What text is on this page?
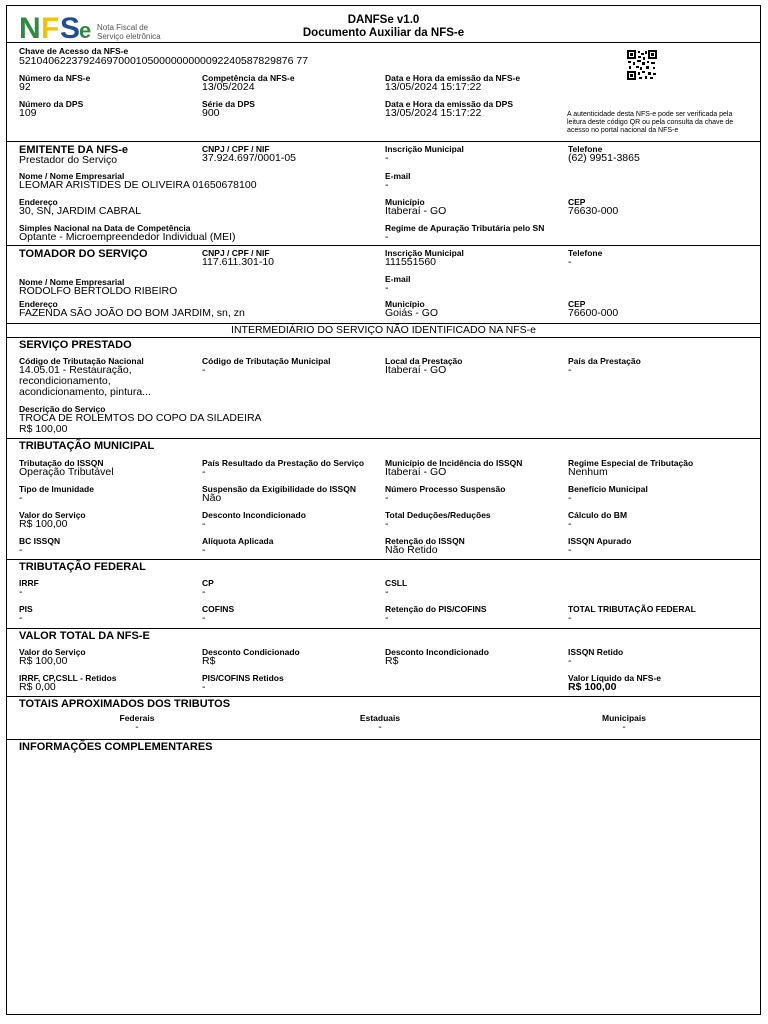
N F S
e Nota Fiscal de
Serviço eletrônica
DANFSe v1.0
Documento Auxiliar da NFS-e
Chave de Acesso da NFS-e
52104062237924697000105000000000092240587829876 77
Número da NFS-e
92
Competência da NFS-e
13/05/2024
Data e Hora da emissão da NFS-e
13/05/2024 15:17:22
Número da DPS
109
Série da DPS
900
Data e Hora da emissão da DPS
13/05/2024 15:17:22	A autenticidade desta NFS-e pode ser verificada pela leitura deste código QR ou pela consulta da chave de acesso no portal nacional da NFS-e
EMITENTE DA NFS-e
Prestador do Serviço
CNPJ / CPF / NIF
37.924.697/0001-05
Inscrição Municipal
-
Telefone
(62) 9951-3865
Nome / Nome Empresarial
LEOMAR ARISTIDES DE OLIVEIRA 01650678100
E-mail
-
Endereço
30, SN, JARDIM CABRAL
Município
Itaberaí - GO
CEP
76630-000
Simples Nacional na Data de Competência
Optante - Microempreendedor Individual (MEI)
Regime de Apuração Tributária pelo SN
-
TOMADOR DO SERVIÇO	CNPJ / CPF / NIF
117.611.301-10
Inscrição Municipal
111551560
Telefone
-
Nome / Nome Empresarial
RODOLFO BERTOLDO RIBEIRO
E-mail
-
Endereço
FAZENDA SÃO JOÃO DO BOM JARDIM, sn, zn
Município
Goiás - GO
CEP
76600-000
INTERMEDIÁRIO DO SERVIÇO NÃO IDENTIFICADO NA NFS-e
SERVIÇO PRESTADO
Código de Tributação Nacional
14.05.01 - Restauração, recondicionamento, acondicionamento, pintura...
Código de Tributação Municipal
-
Local da Prestação
Itaberaí - GO
País da Prestação
-
Descrição do Serviço
TROCA DE ROLEMTOS DO COPO DA SILADEIRA
R$ 100,00
TRIBUTAÇÃO MUNICIPAL
TRIBUTAÇÃO FEDERAL
VALOR TOTAL DA NFS-E
TOTAIS APROXIMADOS DOS TRIBUTOS
Federais
-
Estaduais
-
Municipais
-
INFORMAÇÕES COMPLEMENTARES
Tributação do ISSQN
Operação Tributável
País Resultado da Prestação do Serviço
-
Município de Incidência do ISSQN
Itaberaí - GO
Regime Especial de Tributação
Nenhum
Tipo de Imunidade
-
Suspensão da Exigibilidade do ISSQN
Não
Número Processo Suspensão
-
Benefício Municipal
-
Valor do Serviço
R$ 100,00
Desconto Incondicionado
-
Total Deduções/Reduções
-
Cálculo do BM
-
BC ISSQN
-
Alíquota Aplicada
-
Retenção do ISSQN
Não Retido
ISSQN Apurado
-
IRRF
-
CP
-
CSLL
-
PIS
-
COFINS
-
Retenção do PIS/COFINS
-
TOTAL TRIBUTAÇÃO FEDERAL
-
Valor do Serviço
R$ 100,00
Desconto Condicionado
R$
Desconto Incondicionado
R$
ISSQN Retido
-
IRRF, CP,CSLL - Retidos
R$ 0,00
PIS/COFINS Retidos
-
Valor Líquido da NFS-e
R$ 100,00
